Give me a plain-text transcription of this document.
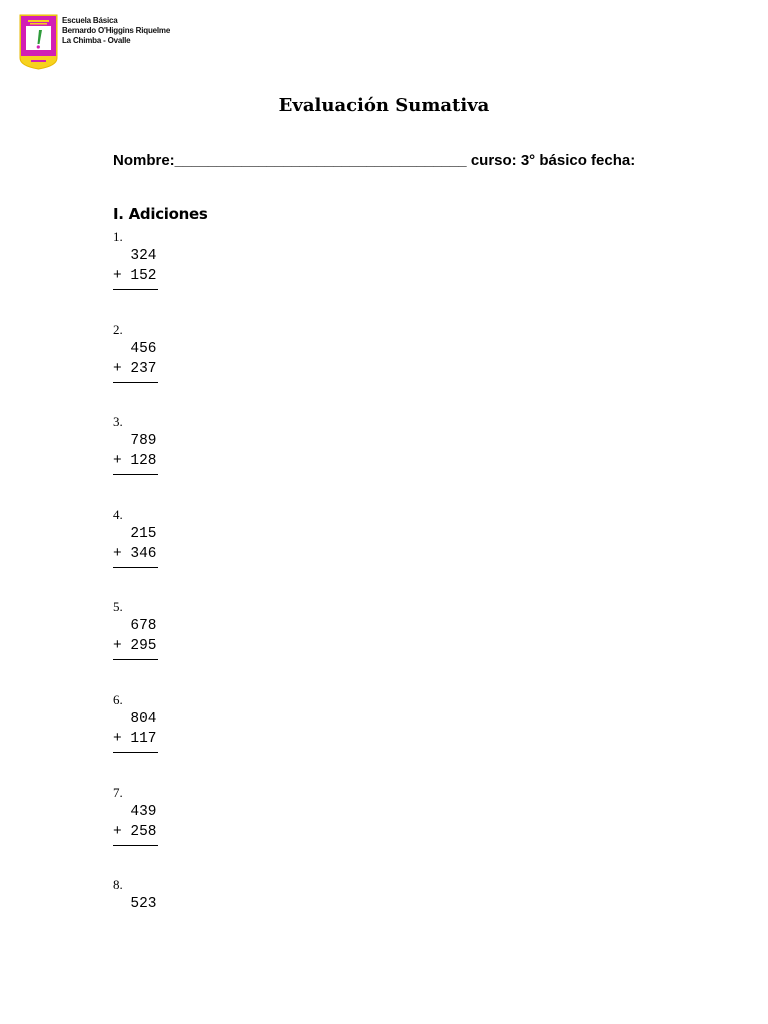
Escuela Básica
Bernardo O'Higgins Riquelme
La Chimba - Ovalle
Evaluación Sumativa
Nombre:___________________________________ curso: 3° básico fecha:
I. Adiciones
1.
324
+ 152
2.
456
+ 237
3.
789
+ 128
4.
215
+ 346
5.
678
+ 295
6.
804
+ 117
7.
439
+ 258
8.
523
